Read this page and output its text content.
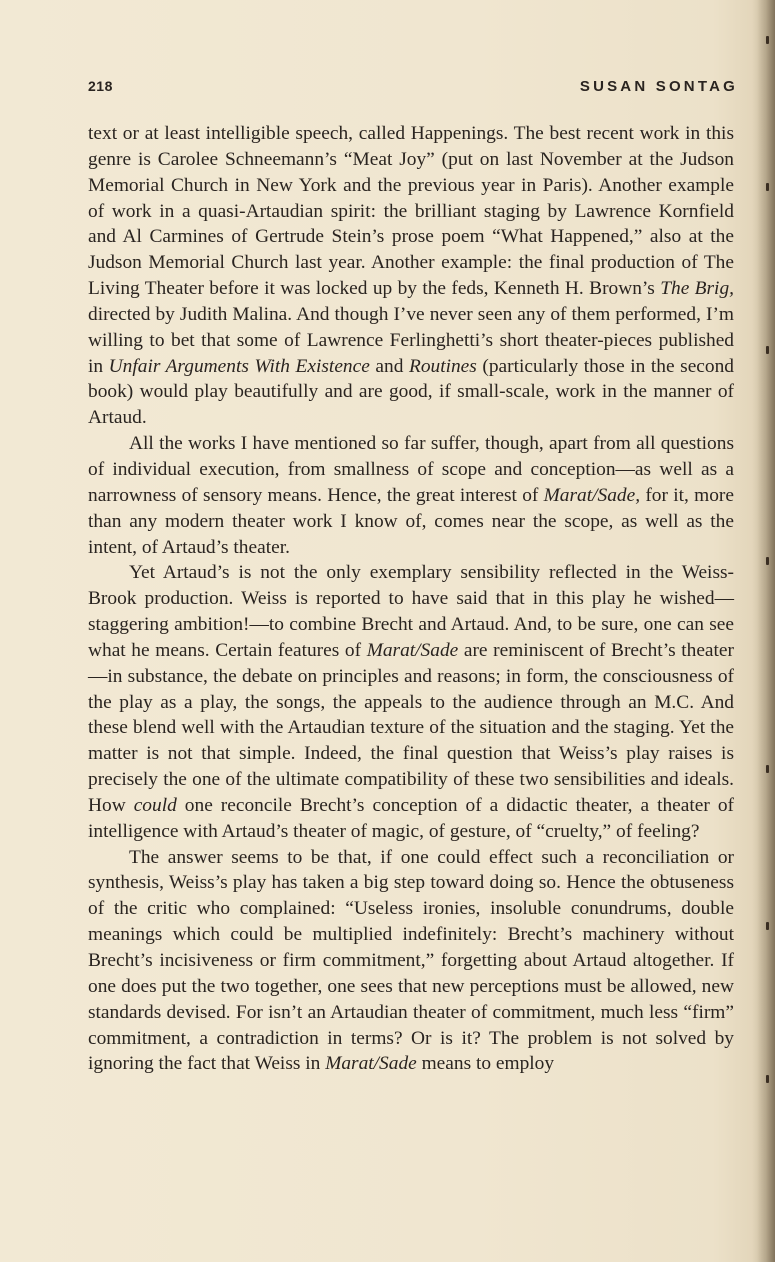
218	SUSAN SONTAG

text or at least intelligible speech, called Happenings. The best recent work in this genre is Carolee Schneemann’s “Meat Joy” (put on last November at the Judson Memorial Church in New York and the previous year in Paris). Another example of work in a quasi-Artaudian spirit: the brilliant staging by Lawrence Kornfield and Al Carmines of Gertrude Stein’s prose poem “What Happened,” also at the Judson Memorial Church last year. Another example: the final production of The Living Theater before it was locked up by the feds, Kenneth H. Brown’s The Brig, directed by Judith Malina. And though I’ve never seen any of them performed, I’m willing to bet that some of Lawrence Ferlinghetti’s short theater-pieces published in Unfair Arguments With Existence and Routines (particularly those in the second book) would play beautifully and are good, if small-scale, work in the manner of Artaud.

All the works I have mentioned so far suffer, though, apart from all questions of individual execution, from smallness of scope and conception—as well as a narrowness of sensory means. Hence, the great interest of Marat/Sade, for it, more than any modern theater work I know of, comes near the scope, as well as the intent, of Artaud’s theater.

Yet Artaud’s is not the only exemplary sensibility reflected in the Weiss-Brook production. Weiss is reported to have said that in this play he wished—staggering ambition!—to combine Brecht and Artaud. And, to be sure, one can see what he means. Certain features of Marat/Sade are reminiscent of Brecht’s theater—in substance, the debate on principles and reasons; in form, the consciousness of the play as a play, the songs, the appeals to the audience through an M.C. And these blend well with the Artaudian texture of the situation and the staging. Yet the matter is not that simple. Indeed, the final question that Weiss’s play raises is precisely the one of the ultimate compatibility of these two sensibilities and ideals. How could one reconcile Brecht’s conception of a didactic theater, a theater of intelligence with Artaud’s theater of magic, of gesture, of “cruelty,” of feeling?

The answer seems to be that, if one could effect such a reconciliation or synthesis, Weiss’s play has taken a big step toward doing so. Hence the obtuseness of the critic who complained: “Useless ironies, insoluble conundrums, double meanings which could be multiplied indefinitely: Brecht’s machinery without Brecht’s incisiveness or firm commitment,” forgetting about Artaud altogether. If one does put the two together, one sees that new perceptions must be allowed, new standards devised. For isn’t an Artaudian theater of commitment, much less “firm” commitment, a contradiction in terms? Or is it? The problem is not solved by ignoring the fact that Weiss in Marat/Sade means to employ
